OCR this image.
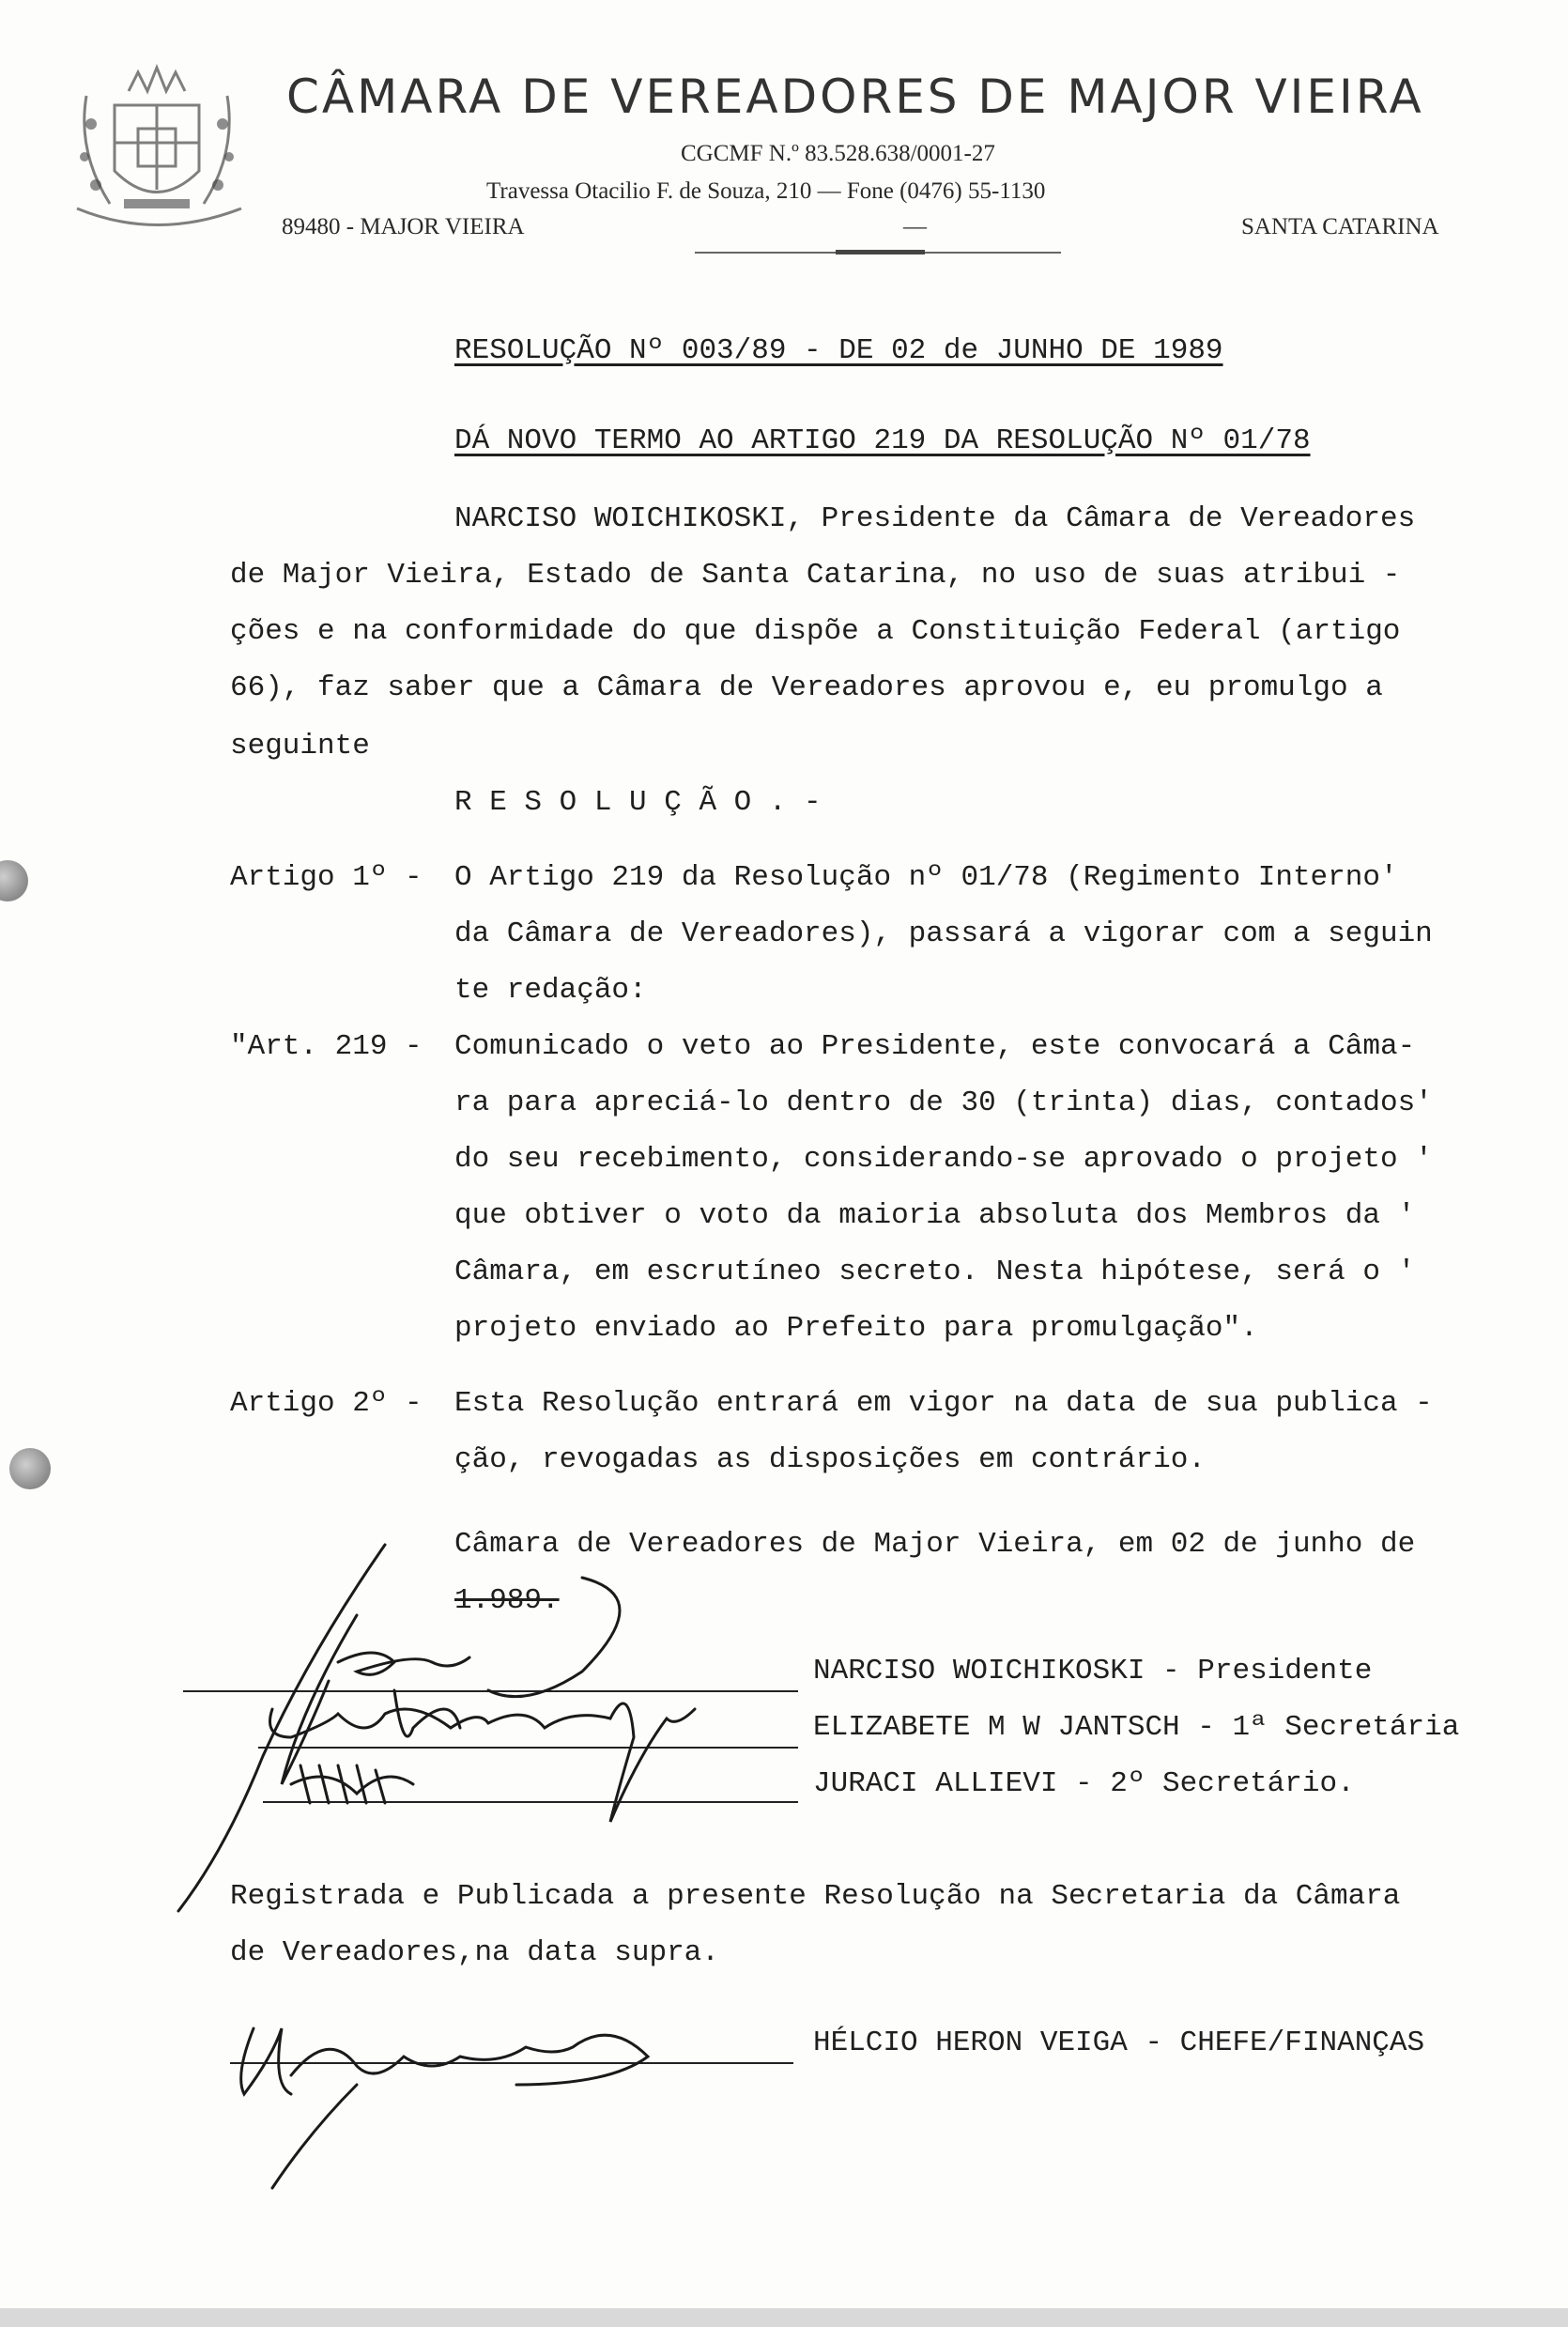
CÂMARA DE VEREADORES DE MAJOR VIEIRA
CGCMF N.º 83.528.638/0001-27
Travessa Otacilio F. de Souza, 210 — Fone (0476) 55-1130
89480 - MAJOR VIEIRA	—	SANTA CATARINA
RESOLUÇÃO Nº 003/89 - DE 02 de JUNHO DE 1989
DÁ NOVO TERMO AO ARTIGO 219 DA RESOLUÇÃO Nº 01/78
NARCISO WOICHIKOSKI, Presidente da Câmara de Vereadores
de Major Vieira, Estado de Santa Catarina, no uso de suas atribui -
ções e na conformidade do que dispõe a Constituição Federal (artigo
66), faz saber que a Câmara de Vereadores aprovou e, eu promulgo a
seguinte
R E S O L U Ç Ã O . -
Artigo 1º - O Artigo 219 da Resolução nº 01/78 (Regimento Interno'
da Câmara de Vereadores), passará a vigorar com a seguin
te redação:
"Art. 219 - Comunicado o veto ao Presidente, este convocará a Câma-
ra para apreciá-lo dentro de 30 (trinta) dias, contados'
do seu recebimento, considerando-se aprovado o projeto '
que obtiver o voto da maioria absoluta dos Membros da '
Câmara, em escrutíneo secreto. Nesta hipótese, será o '
projeto enviado ao Prefeito para promulgação".
Artigo 2º - Esta Resolução entrará em vigor na data de sua publica -
ção, revogadas as disposições em contrário.
Câmara de Vereadores de Major Vieira, em 02 de junho de
1.989.
NARCISO WOICHIKOSKI - Presidente
ELIZABETE M W JANTSCH - 1ª Secretária
JURACI ALLIEVI - 2º Secretário.
Registrada e Publicada a presente Resolução na Secretaria da Câmara
de Vereadores,na data supra.
HÉLCIO HERON VEIGA - CHEFE/FINANÇAS
